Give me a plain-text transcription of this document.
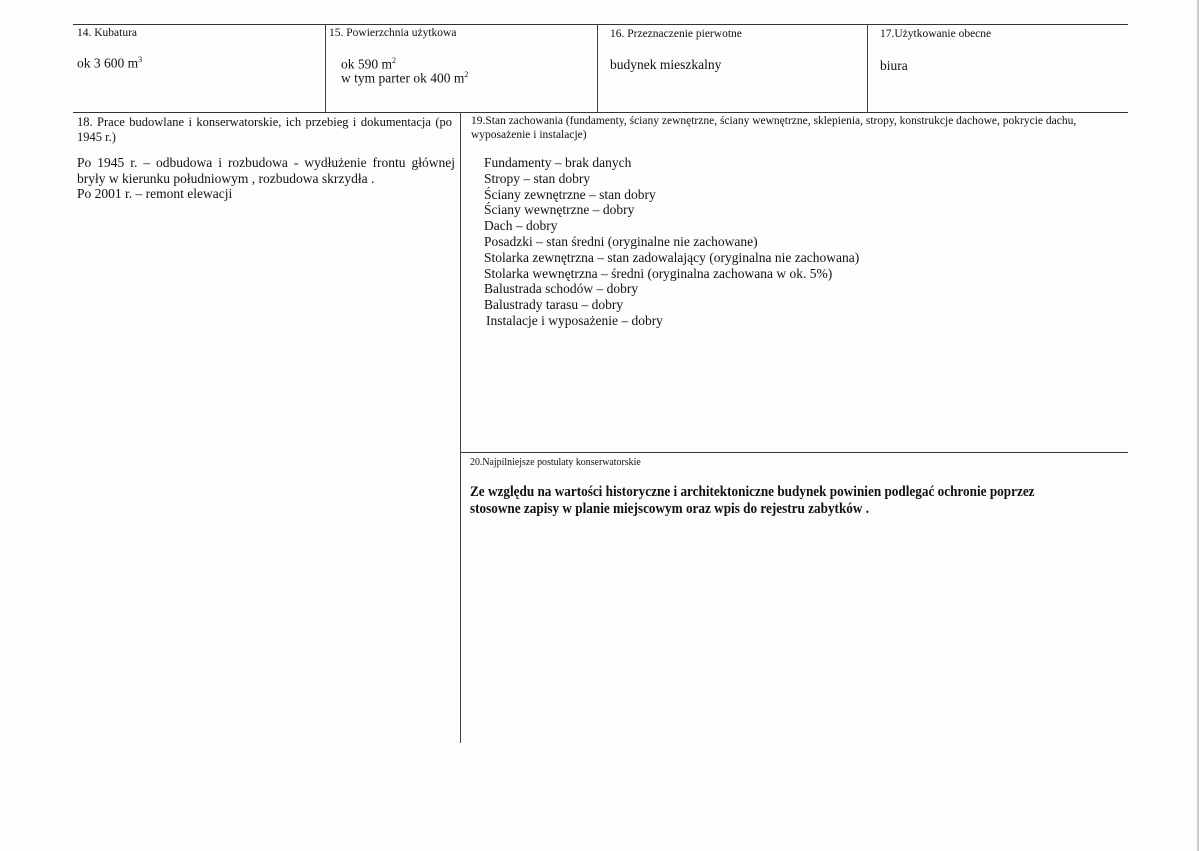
14. Kubatura
ok 3 600 $m^3$
15. Powierzchnia użytkowa
ok 590 $m^2$
w tym parter ok 400 $m^2$
16. Przeznaczenie pierwotne
budynek mieszkalny
17.Użytkowanie obecne
biura
18. Prace budowlane i konserwatorskie, ich przebieg i dokumentacja (po 1945 r.)
Po 1945 r. – odbudowa i rozbudowa - wydłużenie frontu głównej bryły w kierunku południowym , rozbudowa skrzydła .
Po 2001 r. – remont elewacji
19.Stan zachowania (fundamenty, ściany zewnętrzne, ściany wewnętrzne, sklepienia, stropy, konstrukcje dachowe, pokrycie dachu, wyposażenie i instalacje)
Fundamenty – brak danych
Stropy – stan dobry
Ściany zewnętrzne – stan dobry
Ściany wewnętrzne – dobry
Dach – dobry
Posadzki – stan średni (oryginalne nie zachowane)
Stolarka zewnętrzna – stan zadowalający (oryginalna nie zachowana)
Stolarka wewnętrzna – średni (oryginalna zachowana w ok. 5%)
Balustrada schodów – dobry
Balustrady tarasu – dobry
Instalacje i wyposażenie – dobry
20.Najpilniejsze postulaty konserwatorskie
Ze względu na wartości historyczne i architektoniczne budynek powinien podlegać ochronie poprzez stosowne zapisy w planie miejscowym oraz wpis do rejestru zabytków .
